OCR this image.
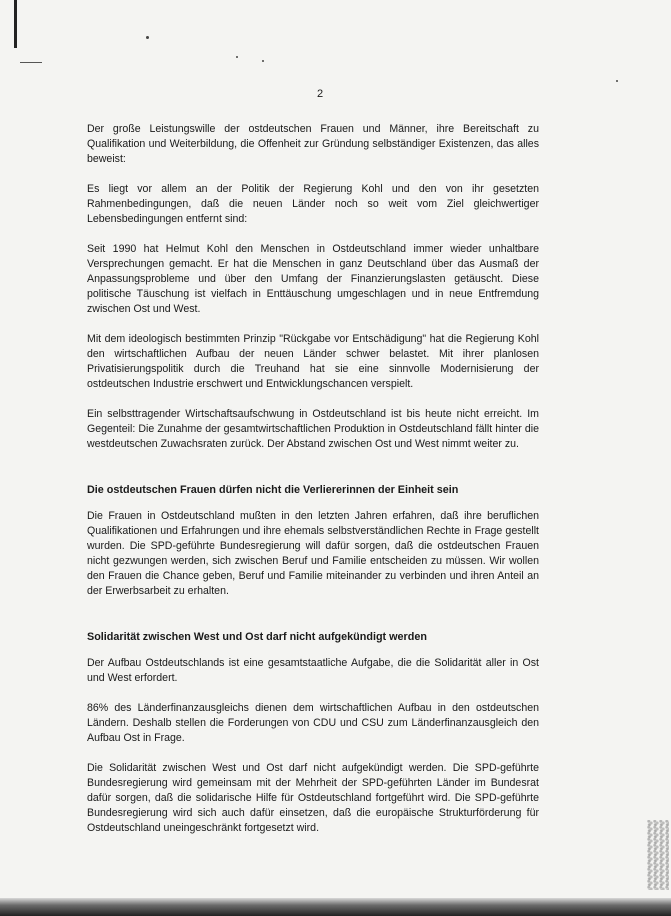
2

Der große Leistungswille der ostdeutschen Frauen und Männer, ihre Bereitschaft zu Qualifikation und Weiterbildung, die Offenheit zur Gründung selbständiger Existenzen, das alles beweist:

Es liegt vor allem an der Politik der Regierung Kohl und den von ihr gesetzten Rahmenbedingungen, daß die neuen Länder noch so weit vom Ziel gleichwertiger Lebensbedingungen entfernt sind:

Seit 1990 hat Helmut Kohl den Menschen in Ostdeutschland immer wieder unhaltbare Versprechungen gemacht. Er hat die Menschen in ganz Deutschland über das Ausmaß der Anpassungsprobleme und über den Umfang der Finanzierungslasten getäuscht. Diese politische Täuschung ist vielfach in Enttäuschung umgeschlagen und in neue Entfremdung zwischen Ost und West.

Mit dem ideologisch bestimmten Prinzip "Rückgabe vor Entschädigung" hat die Regierung Kohl den wirtschaftlichen Aufbau der neuen Länder schwer belastet. Mit ihrer planlosen Privatisierungspolitik durch die Treuhand hat sie eine sinnvolle Modernisierung der ostdeutschen Industrie erschwert und Entwicklungschancen verspielt.

Ein selbsttragender Wirtschaftsaufschwung in Ostdeutschland ist bis heute nicht erreicht. Im Gegenteil: Die Zunahme der gesamtwirtschaftlichen Produktion in Ostdeutschland fällt hinter die westdeutschen Zuwachsraten zurück. Der Abstand zwischen Ost und West nimmt weiter zu.

Die ostdeutschen Frauen dürfen nicht die Verliererinnen der Einheit sein

Die Frauen in Ostdeutschland mußten in den letzten Jahren erfahren, daß ihre beruflichen Qualifikationen und Erfahrungen und ihre ehemals selbstverständlichen Rechte in Frage gestellt wurden. Die SPD-geführte Bundesregierung will dafür sorgen, daß die ostdeutschen Frauen nicht gezwungen werden, sich zwischen Beruf und Familie entscheiden zu müssen. Wir wollen den Frauen die Chance geben, Beruf und Familie miteinander zu verbinden und ihren Anteil an der Erwerbsarbeit zu erhalten.

Solidarität zwischen West und Ost darf nicht aufgekündigt werden

Der Aufbau Ostdeutschlands ist eine gesamtstaatliche Aufgabe, die die Solidarität aller in Ost und West erfordert.

86% des Länderfinanzausgleichs dienen dem wirtschaftlichen Aufbau in den ostdeutschen Ländern. Deshalb stellen die Forderungen von CDU und CSU zum Länderfinanzausgleich den Aufbau Ost in Frage.

Die Solidarität zwischen West und Ost darf nicht aufgekündigt werden. Die SPD-geführte Bundesregierung wird gemeinsam mit der Mehrheit der SPD-geführten Länder im Bundesrat dafür sorgen, daß die solidarische Hilfe für Ostdeutschland fortgeführt wird. Die SPD-geführte Bundesregierung wird sich auch dafür einsetzen, daß die europäische Strukturförderung für Ostdeutschland uneingeschränkt fortgesetzt wird.
